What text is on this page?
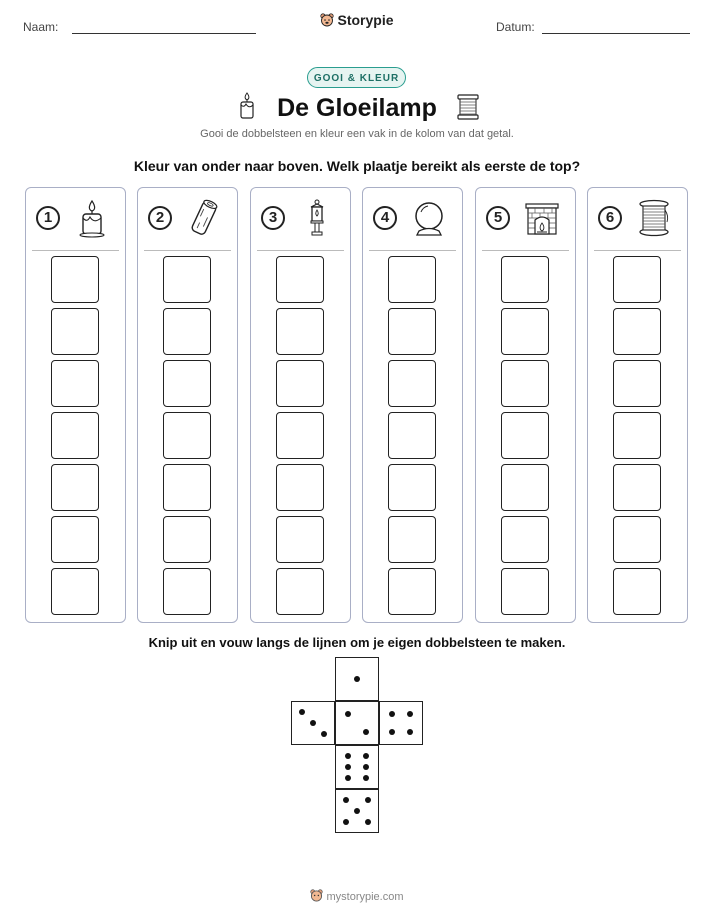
Naam:	Storypie	Datum:
GOOI & KLEUR
De Gloeilamp
Gooi de dobbelsteen en kleur een vak in de kolom van dat getal.
Kleur van onder naar boven. Welk plaatje bereikt als eerste de top?
1	2	3	4	5	6
Knip uit en vouw langs de lijnen om je eigen dobbelsteen te maken.
mystorypie.com
